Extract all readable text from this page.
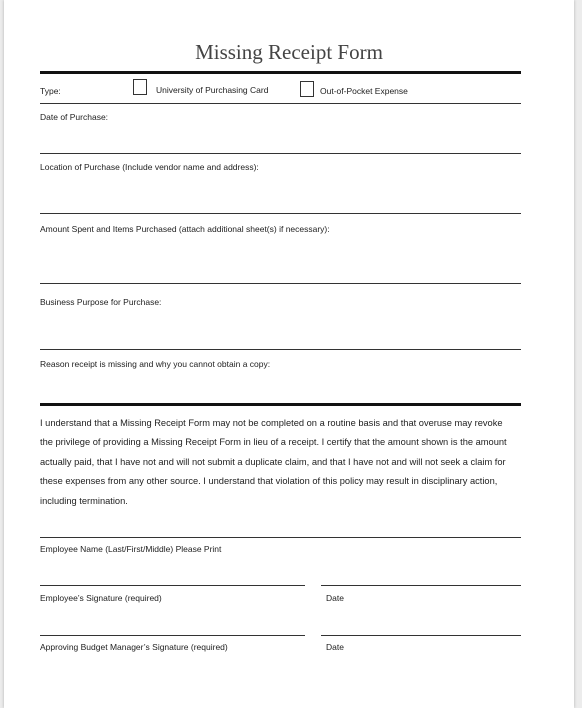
Missing Receipt Form
Type:	University of Purchasing Card	Out-of-Pocket Expense
Date of Purchase:
Location of Purchase (Include vendor name and address):
Amount Spent and Items Purchased (attach additional sheet(s) if necessary):
Business Purpose for Purchase:
Reason receipt is missing and why you cannot obtain a copy:
I understand that a Missing Receipt Form may not be completed on a routine basis and that overuse may revoke
the privilege of providing a Missing Receipt Form in lieu of a receipt. I certify that the amount shown is the amount
actually paid, that I have not and will not submit a duplicate claim, and that I have not and will not seek a claim for
these expenses from any other source. I understand that violation of this policy may result in disciplinary action,
including termination.
Employee Name (Last/First/Middle) Please Print
Employee’s Signature (required)	Date
Approving Budget Manager’s Signature (required)	Date
